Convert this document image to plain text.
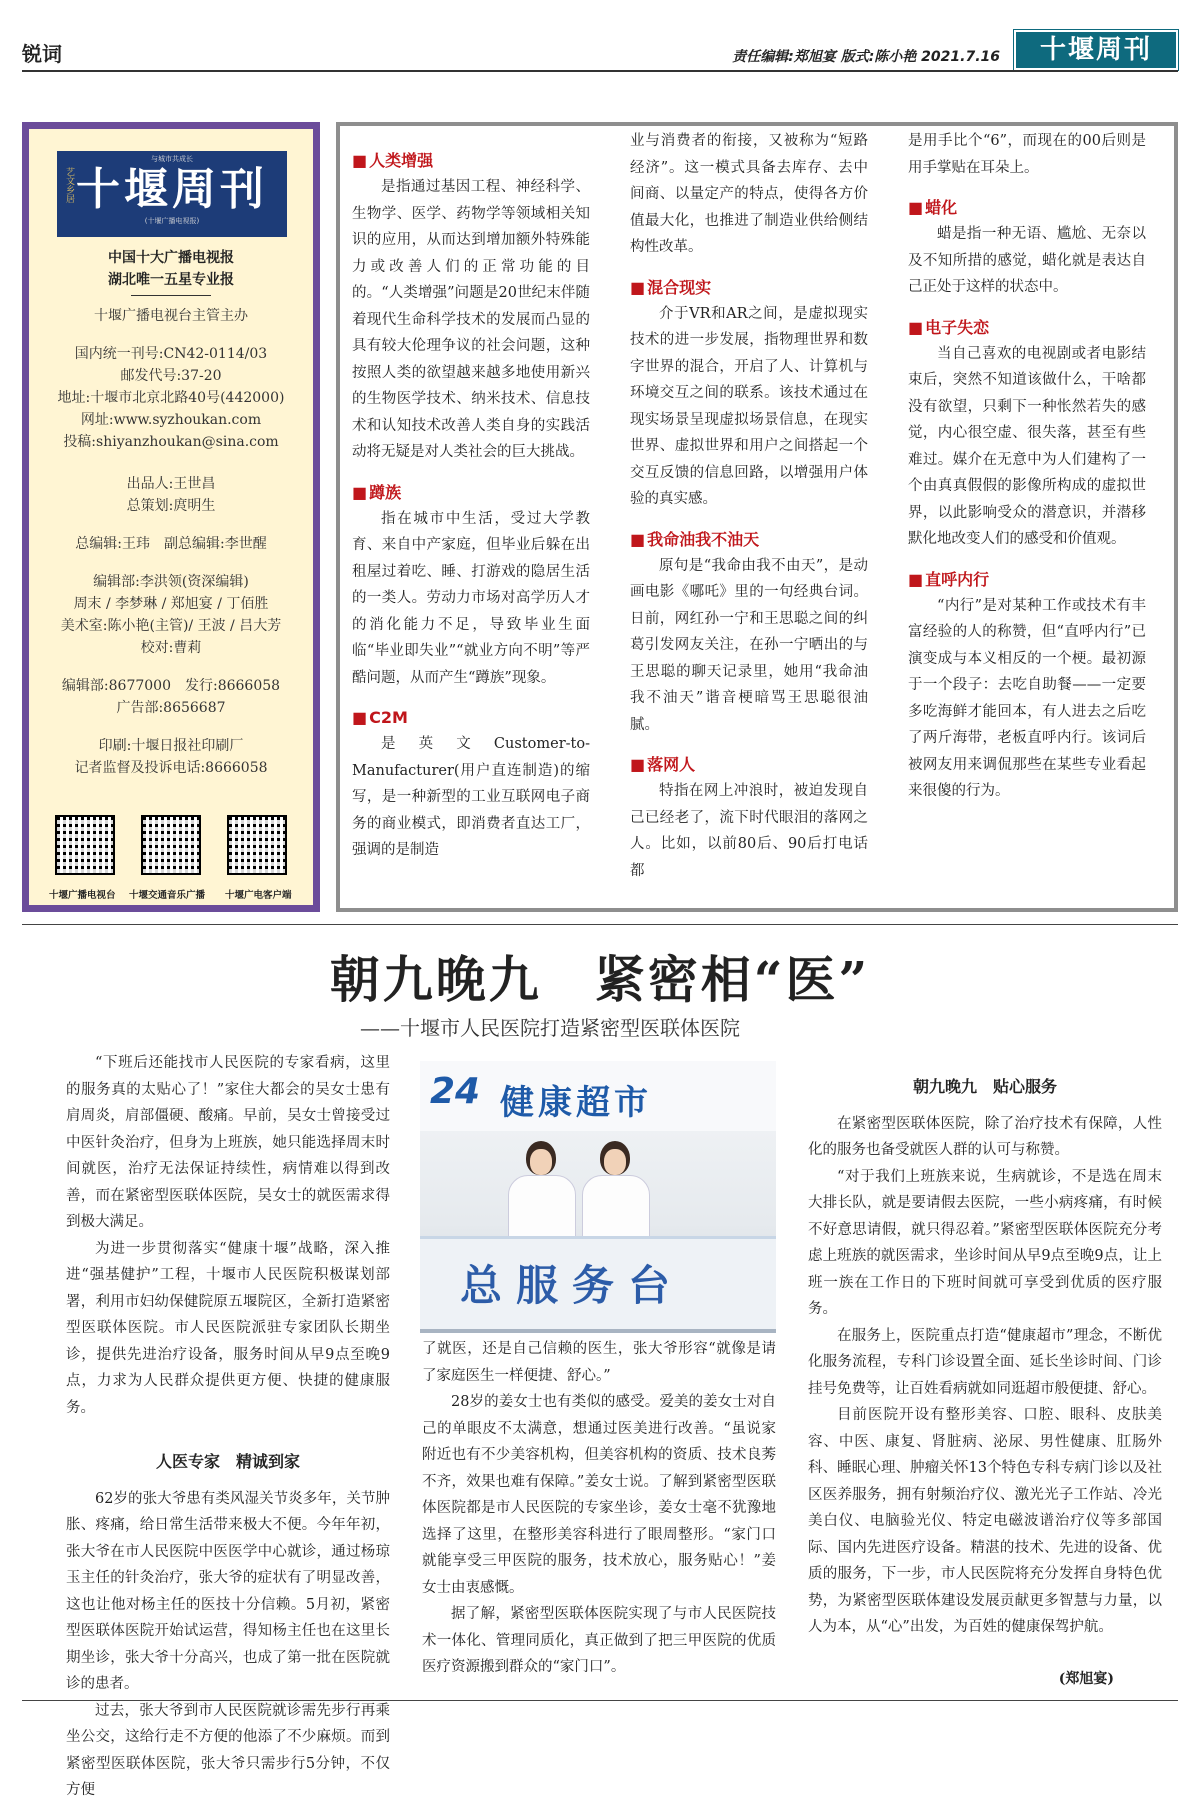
锐词	责任编辑:郑旭宴 版式:陈小艳 2021.7.16	十堰周刊
艺文乡居
与城市共成长
十堰周刊
(十堰广播电视报)
中国十大广播电视报
湖北唯一五星专业报
十堰广播电视台主管主办
国内统一刊号:CN42-0114/03
邮发代号:37-20
地址:十堰市北京北路40号(442000)
网址:www.syzhoukan.com
投稿:shiyanzhoukan@sina.com
出品人:王世昌
总策划:庹明生
总编辑:王玮　副总编辑:李世醒
编辑部:李洪领(资深编辑)
周末 / 李梦琳 / 郑旭宴 / 丁佰胜
美术室:陈小艳(主管)/ 王波 / 吕大芳
校对:曹莉
编辑部:8677000　发行:8666058
广告部:8656687
印刷:十堰日报社印刷厂
记者监督及投诉电话:8666058
十堰广播电视台 十堰交通音乐广播 十堰广电客户端
■ 人类增强

是指通过基因工程、神经科学、生物学、医学、药物学等领域相关知识的应用，从而达到增加额外特殊能力或改善人们的正常功能的目的。“人类增强”问题是20世纪末伴随着现代生命科学技术的发展而凸显的具有较大伦理争议的社会问题，这种按照人类的欲望越来越多地使用新兴的生物医学技术、纳米技术、信息技术和认知技术改善人类自身的实践活动将无疑是对人类社会的巨大挑战。

■ 蹲族

指在城市中生活，受过大学教育、来自中产家庭，但毕业后躲在出租屋过着吃、睡、打游戏的隐居生活的一类人。劳动力市场对高学历人才的消化能力不足，导致毕业生面临“毕业即失业”“就业方向不明”等严酷问题，从而产生“蹲族”现象。

■ C2M

是英文Customer-to-Manufacturer(用户直连制造)的缩写，是一种新型的工业互联网电子商务的商业模式，即消费者直达工厂，强调的是制造

业与消费者的衔接，又被称为“短路经济”。这一模式具备去库存、去中间商、以量定产的特点，使得各方价值最大化，也推进了制造业供给侧结构性改革。

■ 混合现实

介于VR和AR之间，是虚拟现实技术的进一步发展，指物理世界和数字世界的混合，开启了人、计算机与环境交互之间的联系。该技术通过在现实场景呈现虚拟场景信息，在现实世界、虚拟世界和用户之间搭起一个交互反馈的信息回路，以增强用户体验的真实感。

■ 我命油我不油天

原句是“我命由我不由天”，是动画电影《哪吒》里的一句经典台词。日前，网红孙一宁和王思聪之间的纠葛引发网友关注，在孙一宁晒出的与王思聪的聊天记录里，她用“我命油我不油天”谐音梗暗骂王思聪很油腻。

■ 落网人

特指在网上冲浪时，被迫发现自己已经老了，流下时代眼泪的落网之人。比如，以前80后、90后打电话都

是用手比个“6”，而现在的00后则是用手掌贴在耳朵上。

■ 蜡化

蜡是指一种无语、尴尬、无奈以及不知所措的感觉，蜡化就是表达自己正处于这样的状态中。

■ 电子失恋

当自己喜欢的电视剧或者电影结束后，突然不知道该做什么，干啥都没有欲望，只剩下一种怅然若失的感觉，内心很空虚、很失落，甚至有些难过。媒介在无意中为人们建构了一个由真真假假的影像所构成的虚拟世界，以此影响受众的潜意识，并潜移默化地改变人们的感受和价值观。

■ 直呼内行

“内行”是对某种工作或技术有丰富经验的人的称赞，但“直呼内行”已演变成与本义相反的一个梗。最初源于一个段子：去吃自助餐——一定要多吃海鲜才能回本，有人进去之后吃了两斤海带，老板直呼内行。该词后被网友用来调侃那些在某些专业看起来很傻的行为。

朝九晚九　紧密相“医”
——十堰市人民医院打造紧密型医联体医院

“下班后还能找市人民医院的专家看病，这里的服务真的太贴心了！”家住大都会的吴女士患有肩周炎，肩部僵硬、酸痛。早前，吴女士曾接受过中医针灸治疗，但身为上班族，她只能选择周末时间就医，治疗无法保证持续性，病情难以得到改善，而在紧密型医联体医院，吴女士的就医需求得到极大满足。

为进一步贯彻落实“健康十堰”战略，深入推进“强基健护”工程，十堰市人民医院积极谋划部署，利用市妇幼保健院原五堰院区，全新打造紧密型医联体医院。市人民医院派驻专家团队长期坐诊，提供先进治疗设备，服务时间从早9点至晚9点，力求为人民群众提供更方便、快捷的健康服务。

人医专家　精诚到家

62岁的张大爷患有类风湿关节炎多年，关节肿胀、疼痛，给日常生活带来极大不便。今年年初，张大爷在市人民医院中医医学中心就诊，通过杨琼玉主任的针灸治疗，张大爷的症状有了明显改善，这也让他对杨主任的医技十分信赖。5月初，紧密型医联体医院开始试运营，得知杨主任也在这里长期坐诊，张大爷十分高兴，也成了第一批在医院就诊的患者。

过去，张大爷到市人民医院就诊需先步行再乘坐公交，这给行走不方便的他添了不少麻烦。而到紧密型医联体医院，张大爷只需步行5分钟，不仅方便

24 健康超市
总服务台

了就医，还是自己信赖的医生，张大爷形容“就像是请了家庭医生一样便捷、舒心。”

28岁的姜女士也有类似的感受。爱美的姜女士对自己的单眼皮不太满意，想通过医美进行改善。“虽说家附近也有不少美容机构，但美容机构的资质、技术良莠不齐，效果也难有保障。”姜女士说。了解到紧密型医联体医院都是市人民医院的专家坐诊，姜女士毫不犹豫地选择了这里，在整形美容科进行了眼周整形。“家门口就能享受三甲医院的服务，技术放心，服务贴心！”姜女士由衷感慨。

据了解，紧密型医联体医院实现了与市人民医院技术一体化、管理同质化，真正做到了把三甲医院的优质医疗资源搬到群众的“家门口”。

朝九晚九　贴心服务

在紧密型医联体医院，除了治疗技术有保障，人性化的服务也备受就医人群的认可与称赞。

“对于我们上班族来说，生病就诊，不是选在周末大排长队，就是要请假去医院，一些小病疼痛，有时候不好意思请假，就只得忍着。”紧密型医联体医院充分考虑上班族的就医需求，坐诊时间从早9点至晚9点，让上班一族在工作日的下班时间就可享受到优质的医疗服务。

在服务上，医院重点打造“健康超市”理念，不断优化服务流程，专科门诊设置全面、延长坐诊时间、门诊挂号免费等，让百姓看病就如同逛超市般便捷、舒心。

目前医院开设有整形美容、口腔、眼科、皮肤美容、中医、康复、肾脏病、泌尿、男性健康、肛肠外科、睡眠心理、肿瘤关怀13个特色专科专病门诊以及社区医养服务，拥有射频治疗仪、激光光子工作站、冷光美白仪、电脑验光仪、特定电磁波谱治疗仪等多部国际、国内先进医疗设备。精湛的技术、先进的设备、优质的服务，下一步，市人民医院将充分发挥自身特色优势，为紧密型医联体建设发展贡献更多智慧与力量，以人为本，从“心”出发，为百姓的健康保驾护航。

(郑旭宴)
